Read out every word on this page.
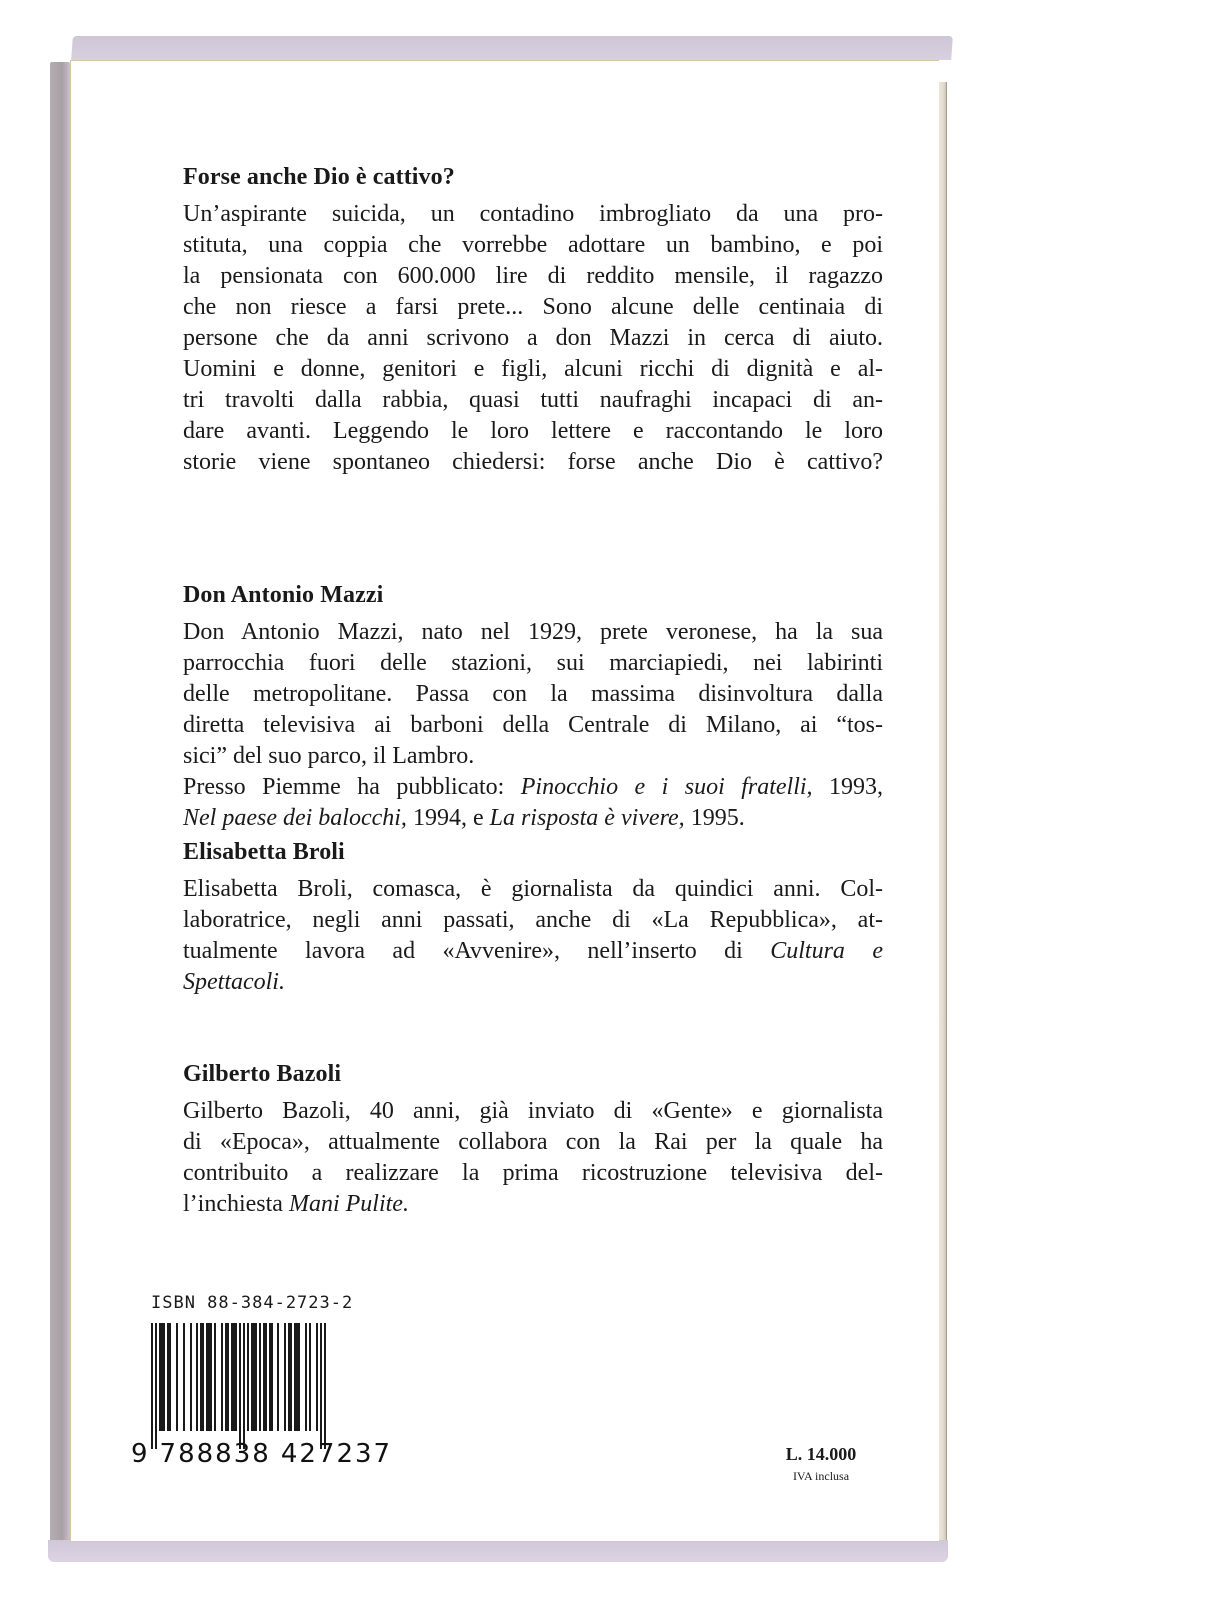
Forse anche Dio è cattivo?

Un’aspirante suicida, un contadino imbrogliato da una pro-
stituta, una coppia che vorrebbe adottare un bambino, e poi
la pensionata con 600.000 lire di reddito mensile, il ragazzo
che non riesce a farsi prete... Sono alcune delle centinaia di
persone che da anni scrivono a don Mazzi in cerca di aiuto.
Uomini e donne, genitori e figli, alcuni ricchi di dignità e al-
tri travolti dalla rabbia, quasi tutti naufraghi incapaci di an-
dare avanti. Leggendo le loro lettere e raccontando le loro
storie viene spontaneo chiedersi: forse anche Dio è cattivo?

Don Antonio Mazzi

Don Antonio Mazzi, nato nel 1929, prete veronese, ha la sua
parrocchia fuori delle stazioni, sui marciapiedi, nei labirinti
delle metropolitane. Passa con la massima disinvoltura dalla
diretta televisiva ai barboni della Centrale di Milano, ai “tos-
sici” del suo parco, il Lambro.
Presso Piemme ha pubblicato: Pinocchio e i suoi fratelli, 1993,
Nel paese dei balocchi, 1994, e La risposta è vivere, 1995.

Elisabetta Broli

Elisabetta Broli, comasca, è giornalista da quindici anni. Col-
laboratrice, negli anni passati, anche di «La Repubblica», at-
tualmente lavora ad «Avvenire», nell’inserto di Cultura e
Spettacoli.

Gilberto Bazoli

Gilberto Bazoli, 40 anni, già inviato di «Gente» e giornalista
di «Epoca», attualmente collabora con la Rai per la quale ha
contribuito a realizzare la prima ricostruzione televisiva del-
l’inchiesta Mani Pulite.

ISBN 88-384-2723-2
9 788838 427237	L. 14.000
IVA inclusa
